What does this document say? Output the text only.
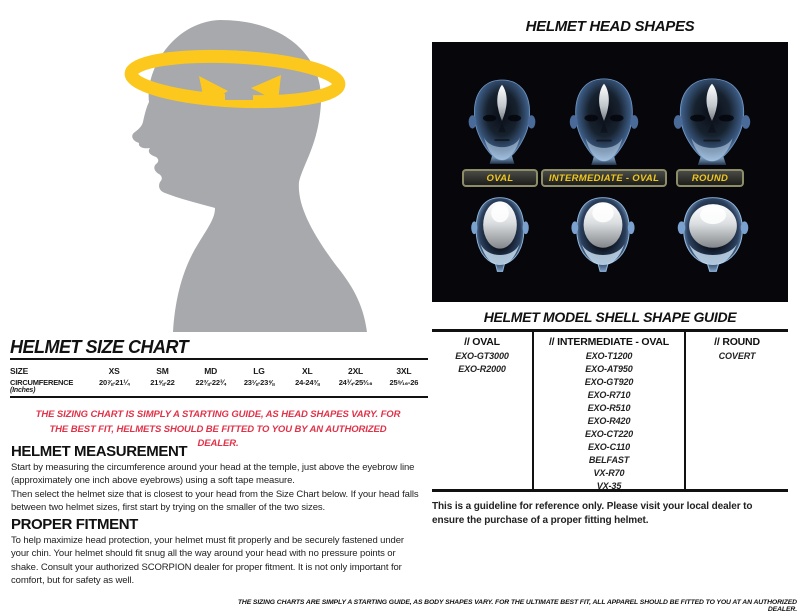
HELMET SIZE CHART
SIZE	XS	SM	MD	LG	XL	2XL	3XL
CIRCUMFERENCE
(Inches)
20⅞-21¼	21⅝-22	22⅜-22¾	23⅛-23⅝	24-24⅜	24¾-25³⁄₁₆	25⁹⁄₁₆-26
THE SIZING CHART IS SIMPLY A STARTING GUIDE, AS HEAD SHAPES VARY. FOR THE BEST FIT, HELMETS SHOULD BE FITTED TO YOU BY AN AUTHORIZED DEALER.
HELMET MEASUREMENT
Start by measuring the circumference around your head at the temple, just above the eyebrow line (approximately one inch above eyebrows) using a soft tape measure.
Then select the helmet size that is closest to your head from the Size Chart below. If your head falls between two helmet sizes, first start by trying on the smaller of the two sizes.
PROPER FITMENT
To help maximize head protection, your helmet must fit properly and be securely fastened under your chin. Your helmet should fit snug all the way around your head with no pressure points or shake. Consult your authorized SCORPION dealer for proper fitment. It is not only important for comfort, but for safety as well.
HELMET HEAD SHAPES
OVAL	INTERMEDIATE - OVAL	ROUND
HELMET MODEL SHELL SHAPE GUIDE
// OVAL
EXO-GT3000
EXO-R2000
// INTERMEDIATE - OVAL
EXO-T1200
EXO-AT950
EXO-GT920
EXO-R710
EXO-R510
EXO-R420
EXO-CT220
EXO-C110
BELFAST
VX-R70
VX-35
// ROUND
COVERT
This is a guideline for reference only. Please visit your local dealer to ensure the purchase of a proper fitting helmet.
THE SIZING CHARTS ARE SIMPLY A STARTING GUIDE, AS BODY SHAPES VARY. FOR THE ULTIMATE BEST FIT, ALL APPAREL SHOULD BE FITTED TO YOU AT AN AUTHORIZED DEALER.
